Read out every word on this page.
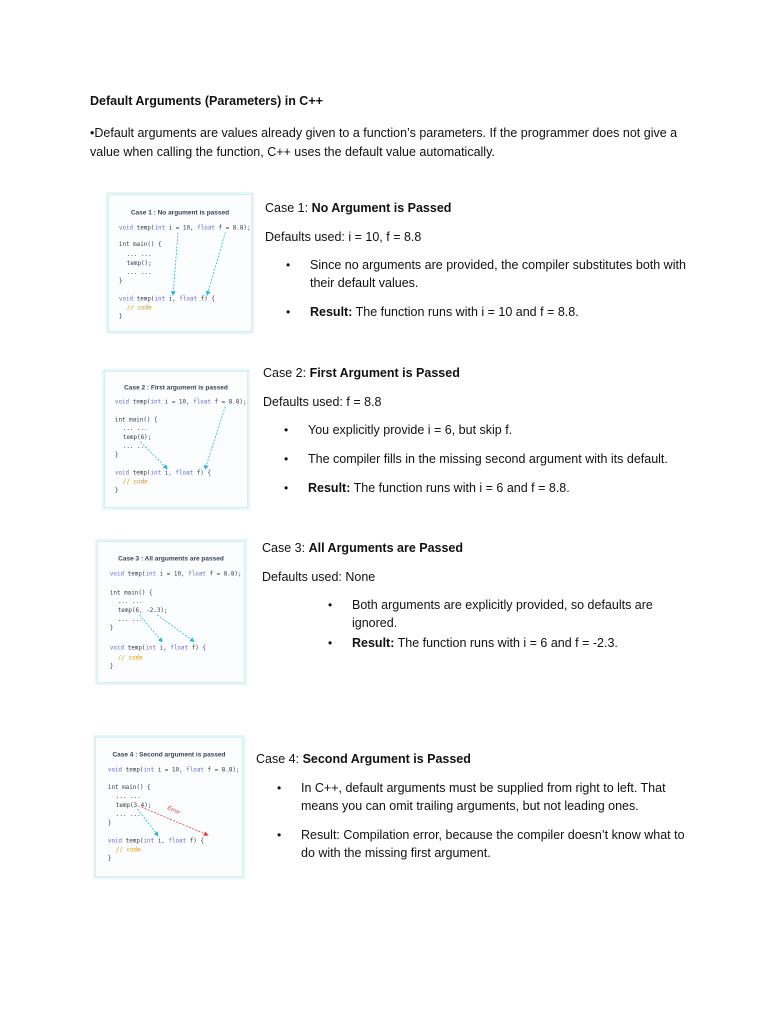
Default Arguments (Parameters) in C++

•Default arguments are values already given to a function’s parameters. If the programmer does not give a value when calling the function, C++ uses the default value automatically.

Case 1 : No argument is passed
void temp(int i = 10, float f = 8.8);
int main() {
... ...
temp();
... ...
}
void temp(int i, float f) {
// code
}

Case 1: No Argument is Passed

Defaults used: i = 10, f = 8.8

• Since no arguments are provided, the compiler substitutes both with their default values.
• Result: The function runs with i = 10 and f = 8.8.
Case 2 : First argument is passed
void temp(int i = 10, float f = 8.8);
int main() {
... ...
temp(6);
... ...
}
void temp(int i, float f) {
// code
}

Case 2: First Argument is Passed

Defaults used: f = 8.8

• You explicitly provide i = 6, but skip f.
• The compiler fills in the missing second argument with its default.
• Result: The function runs with i = 6 and f = 8.8.
Case 3 : All arguments are passed
void temp(int i = 10, float f = 8.8);
int main() {
... ...
temp(6, -2.3);
... ...
}
void temp(int i, float f) {
// code
}

Case 3: All Arguments are Passed

Defaults used: None

• Both arguments are explicitly provided, so defaults are ignored.
• Result: The function runs with i = 6 and f = -2.3.
Case 4 : Second argument is passed
void temp(int i = 10, float f = 8.8);
int main() {
... ...
temp(3.4);
... ...
}
void temp(int i, float f) {
// code
}
Error

Case 4: Second Argument is Passed

• In C++, default arguments must be supplied from right to left. That means you can omit trailing arguments, but not leading ones.
• Result: Compilation error, because the compiler doesn’t know what to do with the missing first argument.
